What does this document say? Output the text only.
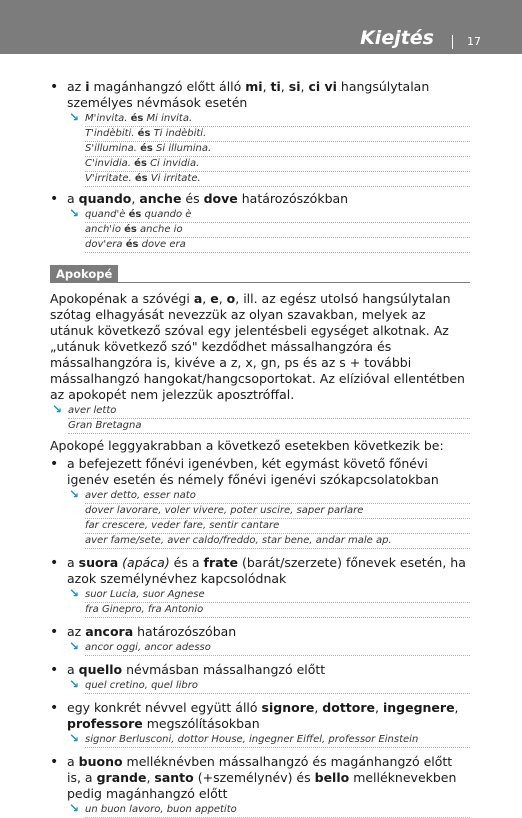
Kiejtés	17
• az i magánhangzó előtt álló mi, ti, si, ci vi hangsúlytalan személyes névmások esetén
↘ M'invita. és Mi invita.
T'indèbiti. és Ti indèbiti.
S'illumina. és Si illumina.
C'invidia. és Ci invidia.
V'irritate. és Vi irritate.
• a quando, anche és dove határozószókban
↘ quand'è és quando è
anch'io és anche io
dov'era és dove era
Apokopé
Apokopénak a szóvégi a, e, o, ill. az egész utolsó hangsúlytalan szótag elhagyását nevezzük az olyan szavakban, melyek az utánuk következő szóval egy jelentésbeli egységet alkotnak. Az „utánuk következő szó" kezdődhet mássalhangzóra és mássalhangzóra is, kivéve a z, x, gn, ps és az s + további mássalhangzó hangokat/hangcsoportokat. Az elízióval ellentétben az apokopét nem jelezzük aposztróffal.
↘ aver letto
Gran Bretagna
Apokopé leggyakrabban a következő esetekben következik be:
• a befejezett főnévi igenévben, két egymást követő főnévi igenév esetén és némely főnévi igenévi szókapcsolatokban
↘ aver detto, esser nato
dover lavorare, voler vivere, poter uscire, saper parlare
far crescere, veder fare, sentir cantare
aver fame/sete, aver caldo/freddo, star bene, andar male ap.
• a suora (apáca) és a frate (barát/szerzete) főnevek esetén, ha azok személynévhez kapcsolódnak
↘ suor Lucia, suor Agnese
fra Ginepro, fra Antonio
• az ancora határozószóban
↘ ancor oggi, ancor adesso
• a quello névmásban mássalhangzó előtt
↘ quel cretino, quel libro
• egy konkrét névvel együtt álló signore, dottore, ingegnere, professore megszólításokban
↘ signor Berlusconi, dottor House, ingegner Eiffel, professor Einstein
• a buono melléknévben mássalhangzó és magánhangzó előtt is, a grande, santo (+személynév) és bello melléknevekben pedig magánhangzó előtt
↘ un buon lavoro, buon appetito
